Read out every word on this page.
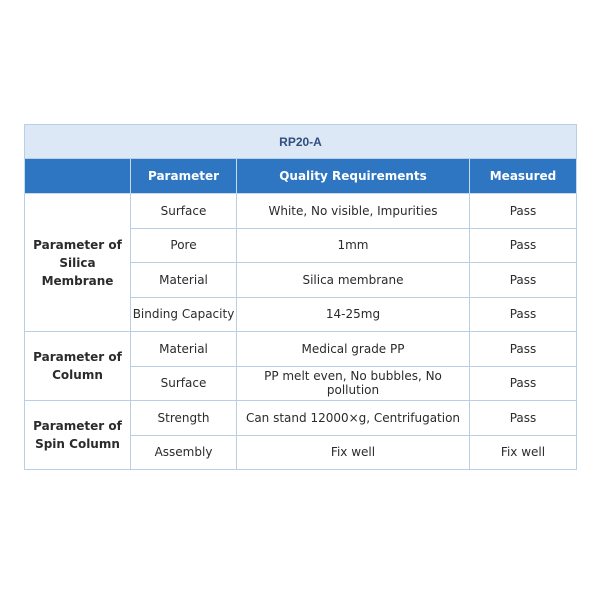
RP20-A			
	Parameter	Quality Requirements	Measured

Parameter of
Silica Membrane	Surface	White, No visible, Impurities	Pass
	Pore	1mm	Pass
	Material	Silica membrane	Pass
	Binding Capacity	14-25mg	Pass

Parameter of
Column	Material	Medical grade PP	Pass
	Surface	PP melt even, No bubbles, No pollution	Pass

Parameter of
Spin Column	Strength	Can stand 12000×g, Centrifugation	Pass
	Assembly	Fix well	Fix well
